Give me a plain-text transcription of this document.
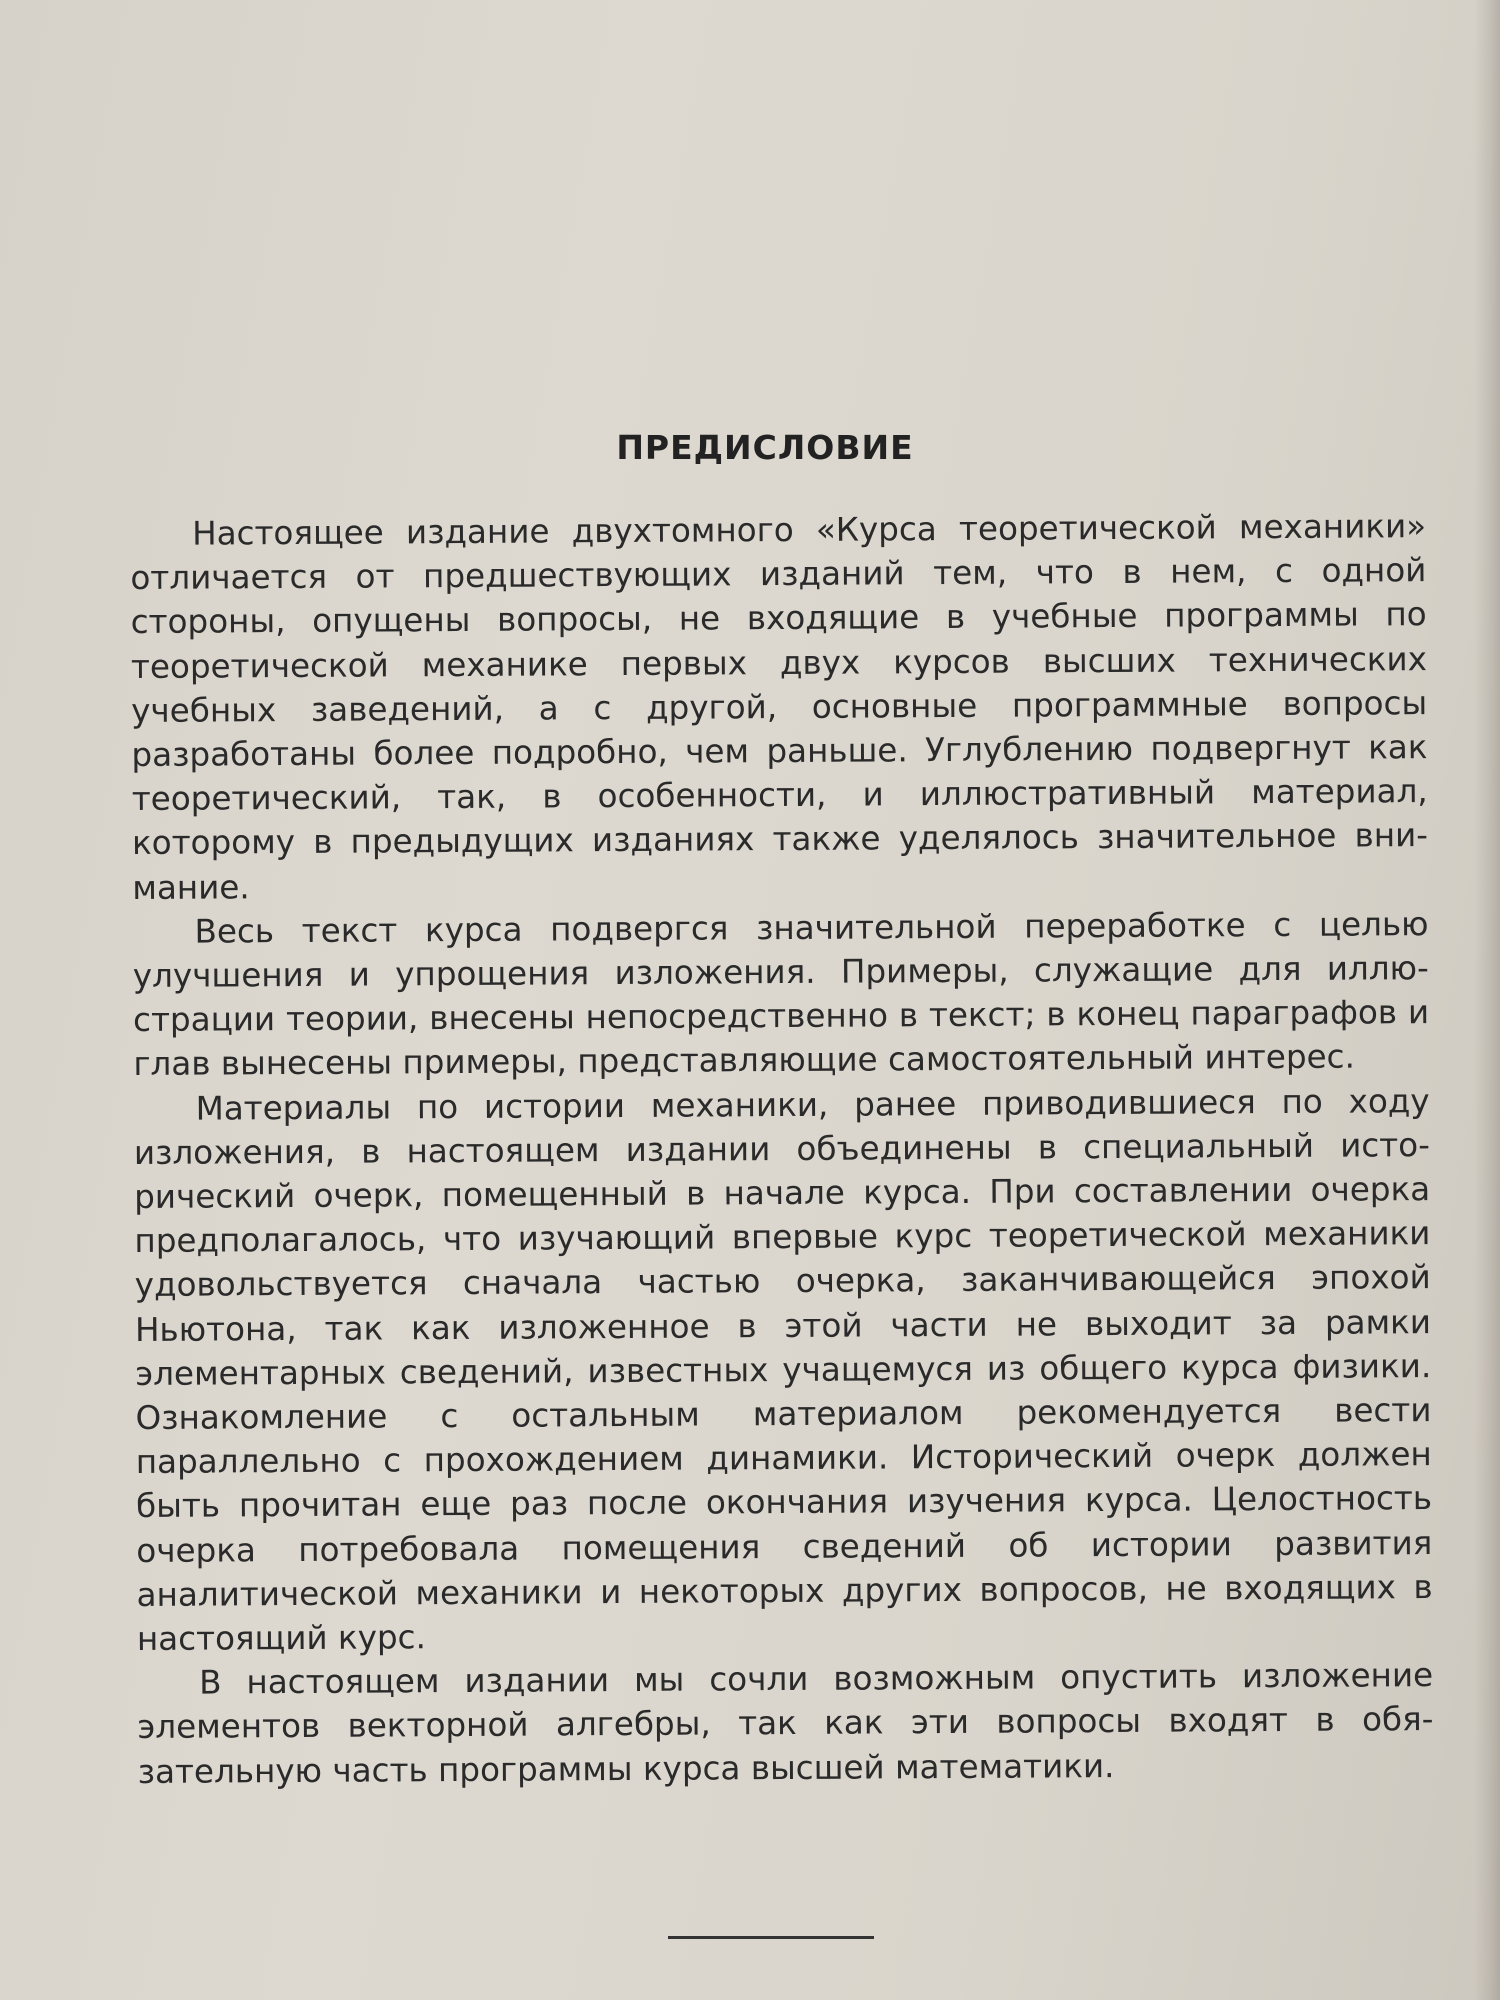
ПРЕДИСЛОВИЕ

Настоящее издание двухтомного «Курса теоретической механики» отличается от предшествующих изданий тем, что в нем, с одной стороны, опущены вопросы, не входящие в учебные программы по теоретической механике первых двух курсов высших технических учебных заведений, а с другой, основные программные вопросы разработаны более подробно, чем раньше. Углублению подвергнут как теоретический, так, в особенности, и иллюстративный материал, которому в предыдущих изданиях также уделялось значительное внимание.

Весь текст курса подвергся значительной переработке с целью улучшения и упрощения изложения. Примеры, служащие для иллюстрации теории, внесены непосредственно в текст; в конец параграфов и глав вынесены примеры, представляющие самостоятельный интерес.

Материалы по истории механики, ранее приводившиеся по ходу изложения, в настоящем издании объединены в специальный исторический очерк, помещенный в начале курса. При составлении очерка предполагалось, что изучающий впервые курс теоретической механики удовольствуется сначала частью очерка, заканчивающейся эпохой Ньютона, так как изложенное в этой части не выходит за рамки элементарных сведений, известных учащемуся из общего курса физики. Ознакомление с остальным материалом рекомендуется вести параллельно с прохождением динамики. Исторический очерк должен быть прочитан еще раз после окончания изучения курса. Целостность очерка потребовала помещения сведений об истории развития аналитической механики и некоторых других вопросов, не входящих в настоящий курс.

В настоящем издании мы сочли возможным опустить изложение элементов векторной алгебры, так как эти вопросы входят в обязательную часть программы курса высшей математики.
